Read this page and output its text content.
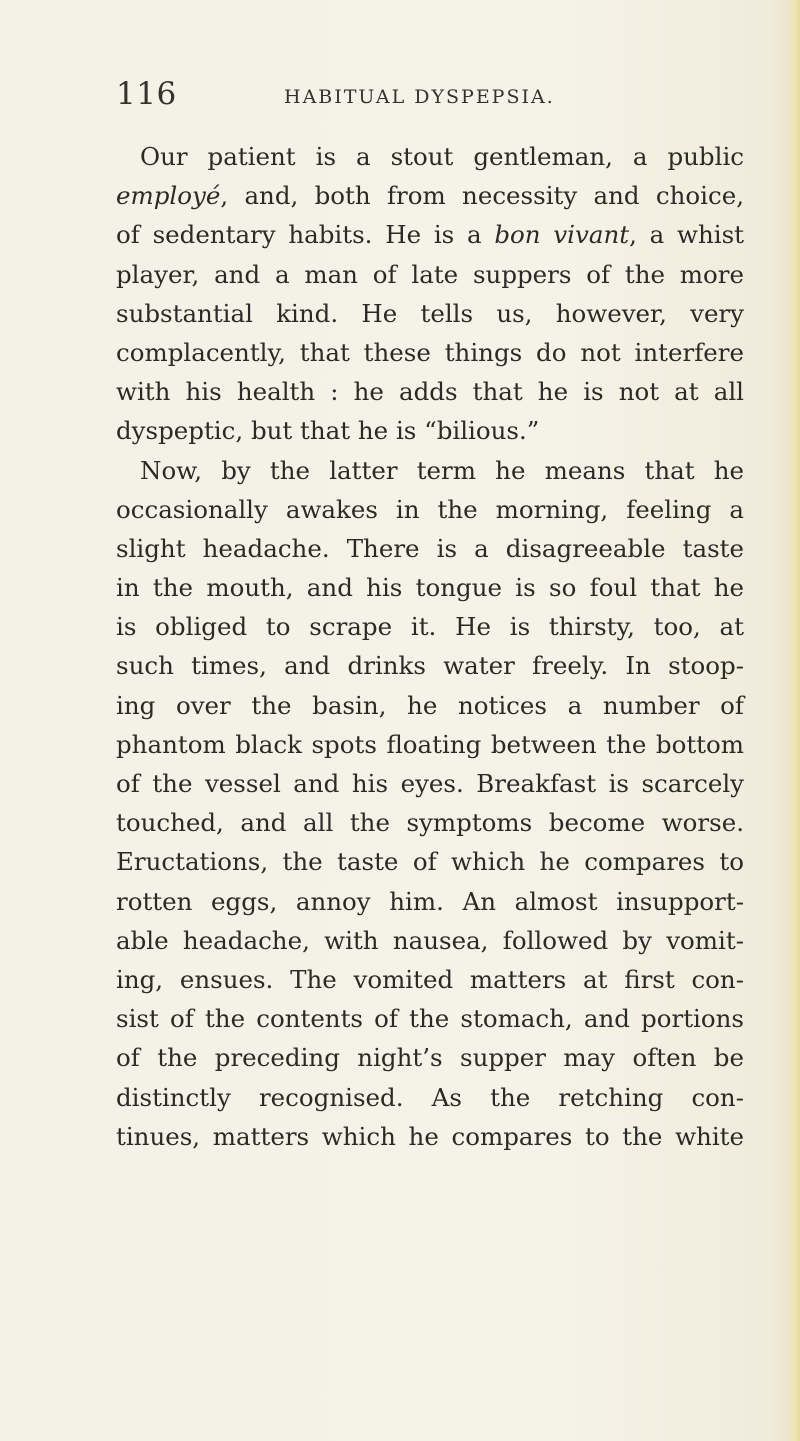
116	HABITUAL DYSPEPSIA.
Our patient is a stout gentleman, a public
employé, and, both from necessity and choice,
of sedentary habits. He is a bon vivant, a whist
player, and a man of late suppers of the more
substantial kind. He tells us, however, very
complacently, that these things do not interfere
with his health : he adds that he is not at all
dyspeptic, but that he is “bilious.”
Now, by the latter term he means that he
occasionally awakes in the morning, feeling a
slight headache. There is a disagreeable taste
in the mouth, and his tongue is so foul that he
is obliged to scrape it. He is thirsty, too, at
such times, and drinks water freely. In stoop-
ing over the basin, he notices a number of
phantom black spots floating between the bottom
of the vessel and his eyes. Breakfast is scarcely
touched, and all the symptoms become worse.
Eructations, the taste of which he compares to
rotten eggs, annoy him. An almost insupport-
able headache, with nausea, followed by vomit-
ing, ensues. The vomited matters at first con-
sist of the contents of the stomach, and portions
of the preceding night’s supper may often be
distinctly recognised. As the retching con-
tinues, matters which he compares to the white
